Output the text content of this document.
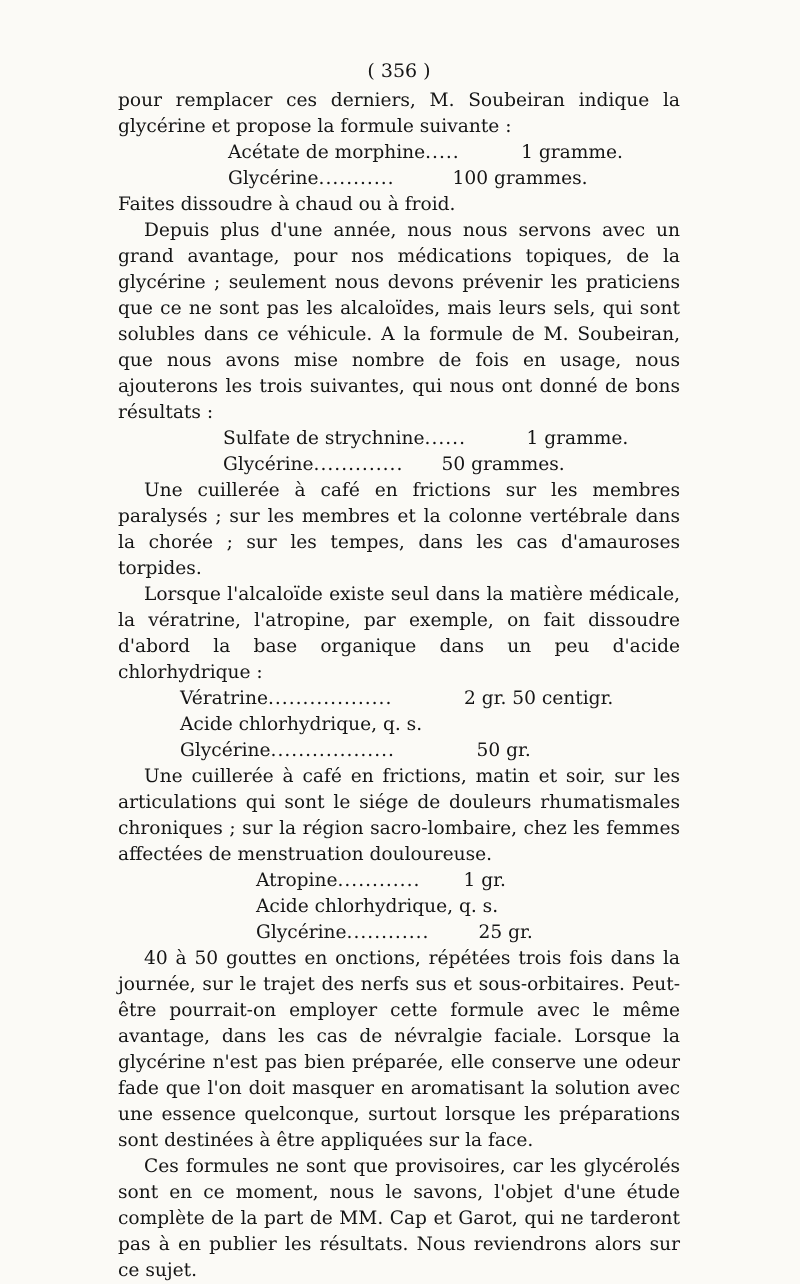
( 356 )

pour remplacer ces derniers, M. Soubeiran indique la glycérine et propose la formule suivante :

Acétate de morphine .....	1 gramme.
Glycérine ...........	100 grammes.

Faites dissoudre à chaud ou à froid.

Depuis plus d'une année, nous nous servons avec un grand avantage, pour nos médications topiques, de la glycérine ; seulement nous devons prévenir les praticiens que ce ne sont pas les alcaloïdes, mais leurs sels, qui sont solubles dans ce véhicule. A la formule de M. Soubeiran, que nous avons mise nombre de fois en usage, nous ajouterons les trois suivantes, qui nous ont donné de bons résultats :

Sulfate de strychnine ......	1 gramme.
Glycérine .............	50 grammes.

Une cuillerée à café en frictions sur les membres paralysés ; sur les membres et la colonne vertébrale dans la chorée ; sur les tempes, dans les cas d'amauroses torpides.

Lorsque l'alcaloïde existe seul dans la matière médicale, la vératrine, l'atropine, par exemple, on fait dissoudre d'abord la base organique dans un peu d'acide chlorhydrique :

Vératrine ..................	2 gr. 50 centigr.
Acide chlorhydrique, q. s.
Glycérine ..................	50 gr.

Une cuillerée à café en frictions, matin et soir, sur les articulations qui sont le siége de douleurs rhumatismales chroniques ; sur la région sacro-lombaire, chez les femmes affectées de menstruation douloureuse.

Atropine ............	1 gr.
Acide chlorhydrique, q. s.
Glycérine ............	25 gr.

40 à 50 gouttes en onctions, répétées trois fois dans la journée, sur le trajet des nerfs sus et sous-orbitaires. Peut-être pourrait-on employer cette formule avec le même avantage, dans les cas de névralgie faciale. Lorsque la glycérine n'est pas bien préparée, elle conserve une odeur fade que l'on doit masquer en aromatisant la solution avec une essence quelconque, surtout lorsque les préparations sont destinées à être appliquées sur la face.

Ces formules ne sont que provisoires, car les glycérolés sont en ce moment, nous le savons, l'objet d'une étude complète de la part de MM. Cap et Garot, qui ne tarderont pas à en publier les résultats. Nous reviendrons alors sur ce sujet.
